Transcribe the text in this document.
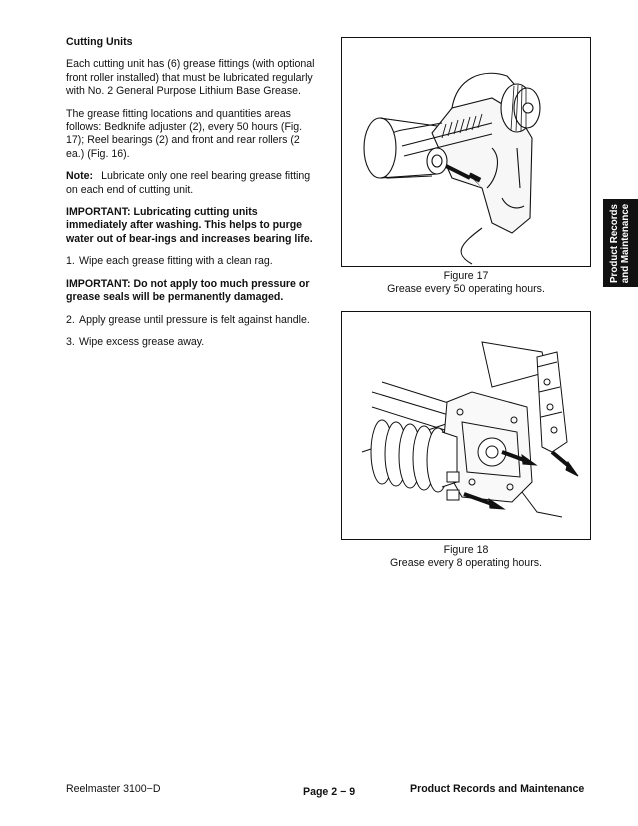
Cutting Units

Each cutting unit has (6) grease fittings (with optional front roller installed) that must be lubricated regularly with No. 2 General Purpose Lithium Base Grease.

The grease fitting locations and quantities areas follows: Bedknife adjuster (2), every 50 hours (Fig. 17); Reel bearings (2) and front and rear rollers (2 ea.) (Fig. 16).

Note: Lubricate only one reel bearing grease fitting on each end of cutting unit.

IMPORTANT: Lubricating cutting units immediately after washing. This helps to purge water out of bear-ings and increases bearing life.

1. Wipe each grease fitting with a clean rag.

IMPORTANT: Do not apply too much pressure or grease seals will be permanently damaged.

2. Apply grease until pressure is felt against handle.

3. Wipe excess grease away.

Figure 17
Grease every 50 operating hours.
Figure 18
Grease every 8 operating hours.
Product Records and Maintenance
Reelmaster 3100−D	Page 2 − 9	Product Records and Maintenance
